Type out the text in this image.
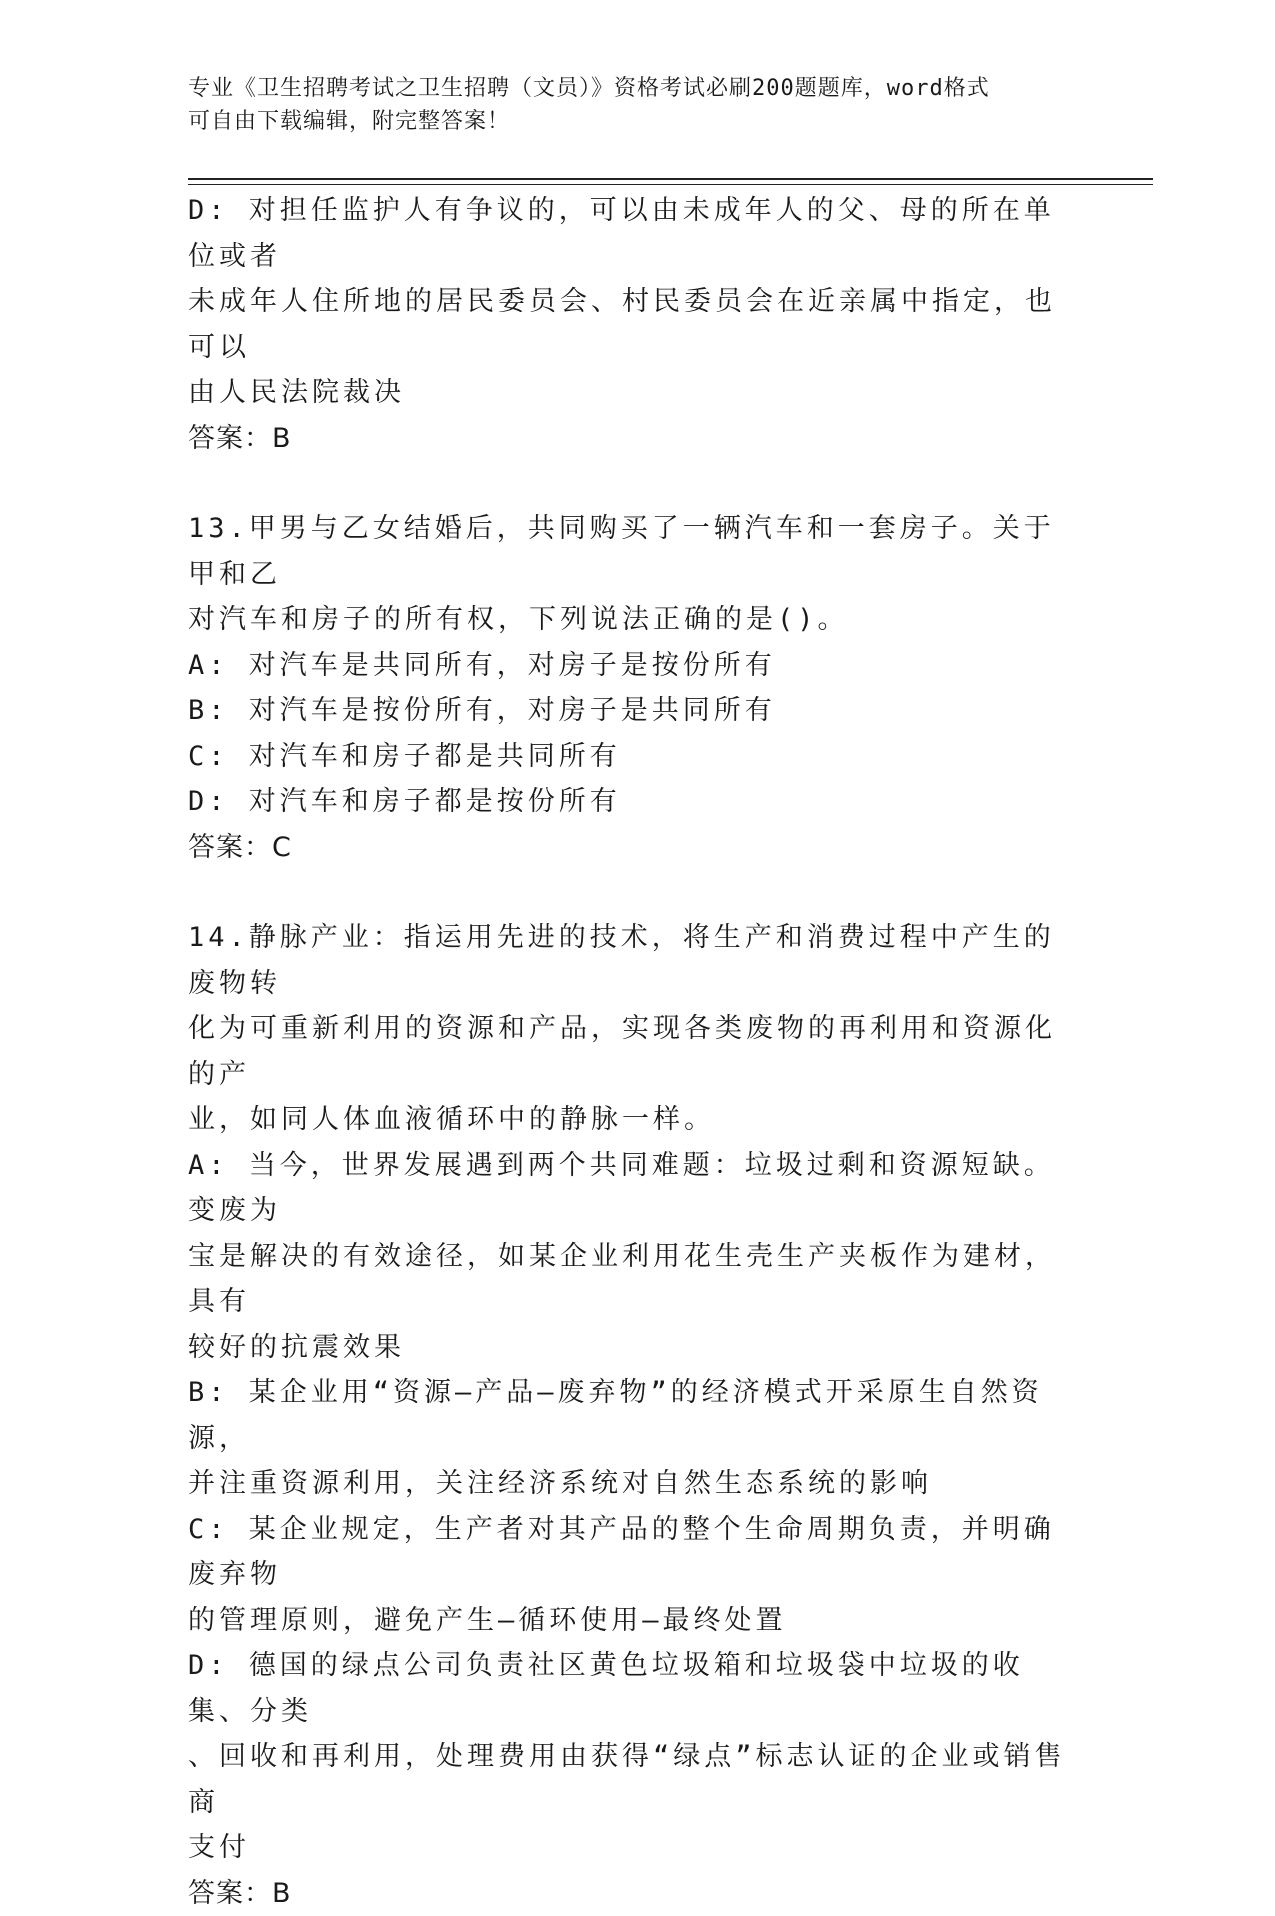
专业《卫生招聘考试之卫生招聘（文员）》资格考试必刷200题题库，word格式
可自由下载编辑，附完整答案！

D: 对担任监护人有争议的，可以由未成年人的父、母的所在单位或者

未成年人住所地的居民委员会、村民委员会在近亲属中指定，也可以

由人民法院裁决

答案：B

13.甲男与乙女结婚后，共同购买了一辆汽车和一套房子。关于甲和乙

对汽车和房子的所有权，下列说法正确的是()。

A: 对汽车是共同所有，对房子是按份所有

B: 对汽车是按份所有，对房子是共同所有

C: 对汽车和房子都是共同所有

D: 对汽车和房子都是按份所有

答案：C

14.静脉产业：指运用先进的技术，将生产和消费过程中产生的废物转

化为可重新利用的资源和产品，实现各类废物的再利用和资源化的产

业，如同人体血液循环中的静脉一样。

A: 当今，世界发展遇到两个共同难题：垃圾过剩和资源短缺。变废为

宝是解决的有效途径，如某企业利用花生壳生产夹板作为建材，具有

较好的抗震效果

B: 某企业用“资源—产品—废弃物”的经济模式开采原生自然资源，

并注重资源利用，关注经济系统对自然生态系统的影响

C: 某企业规定，生产者对其产品的整个生命周期负责，并明确废弃物

的管理原则，避免产生—循环使用—最终处置

D: 德国的绿点公司负责社区黄色垃圾箱和垃圾袋中垃圾的收集、分类

、回收和再利用，处理费用由获得“绿点”标志认证的企业或销售商

支付

答案：B
